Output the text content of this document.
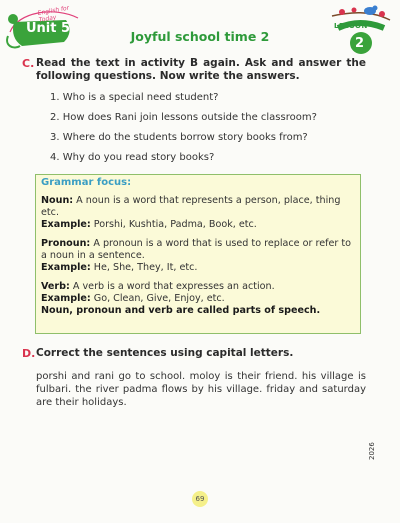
English for Today
Unit 5
Joyful school time 2
LESSON
2
C. Read the text in activity B again. Ask and answer the following questions. Now write the answers.
1. Who is a special need student?
2. How does Rani join lessons outside the classroom?
3. Where do the students borrow story books from?
4. Why do you read story books?

Grammar focus:

Noun: A noun is a word that represents a person, place, thing etc.

Example: Porshi, Kushtia, Padma, Book, etc.

Pronoun: A pronoun is a word that is used to replace or refer to a noun in a sentence.

Example: He, She, They, It, etc.

Verb: A verb is a word that expresses an action.

Example: Go, Clean, Give, Enjoy, etc.

Noun, pronoun and verb are called parts of speech.

D. Correct the sentences using capital letters.
porshi and rani go to school. moloy is their friend. his village is fulbari. the river padma flows by his village. friday and saturday are their holidays.
2026
69
